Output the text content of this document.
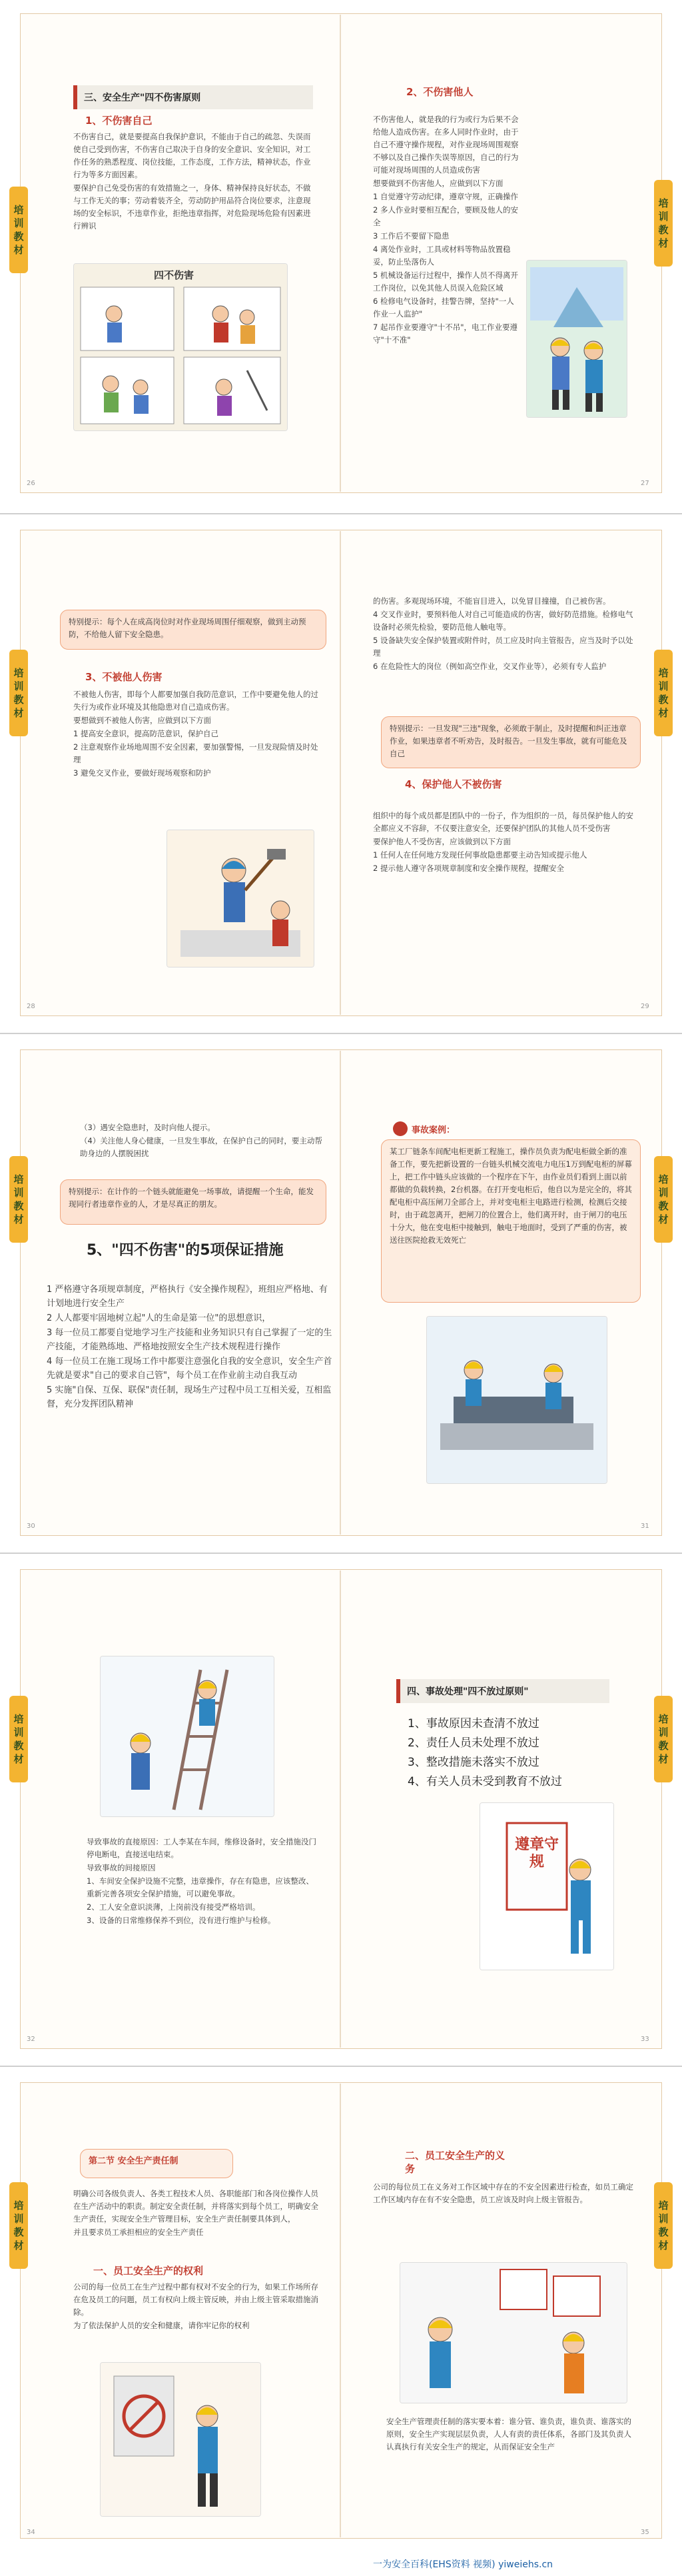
培
训
教
材
培
训
教
材
三、安全生产"四不伤害原则
1、不伤害自己

不伤害自己，就是要提高自我保护意识，不能由于自己的疏忽、失误而使自己受到伤害，不伤害自己取决于自身的安全意识、安全知识，对工作任务的熟悉程度、岗位技能，工作态度，工作方法，精神状态，作业行为等多方面因素。

要保护自己免受伤害的有效措施之一，身体、精神保持良好状态，不做与工作无关的事；劳动着装齐全，劳动防护用品符合岗位要求，注意现场的安全标识，不违章作业，拒绝违章指挥，对危险现场危险有因素进行辨识

四不伤害
2、不伤害他人

不伤害他人，就是我的行为或行为后果不会给他人造成伤害。在多人同时作业时，由于自己不遵守操作规程，对作业现场周围观察不够以及自己操作失误等原因，自己的行为可能对现场周围的人员造成伤害

想要做到不伤害他人，应做到以下方面

1 自觉遵守劳动纪律，遵章守规，正确操作

2 多人作业时要相互配合，要顾及他人的安全

3 工作后不要留下隐患

4 离处作业时，工具或材料等物品放置稳妥，防止坠落伤人

5 机械设备运行过程中，操作人员不得离开工作岗位，以免其他人员误入危险区域

6 检修电气设备时，挂警告牌，坚持"一人作业一人监护"

7 起吊作业要遵守"十不吊"，电工作业要遵守"十不准"

26	27
培
训
教
材
培
训
教
材
特别提示：每个人在成高岗位时对作业现场周围仔细观察，做到主动预防，不给他人留下安全隐患。
3、不被他人伤害

不被他人伤害，即每个人都要加强自我防范意识，工作中要避免他人的过失行为或作业环境及其他隐患对自己造成伤害。

要想做到不被他人伤害，应做到以下方面

1 提高安全意识，提高防范意识，保护自己

2 注意观察作业场地周围不安全因素，要加强警惕，一旦发现险情及时处理

3 避免交叉作业，要做好现场观察和防护

的伤害。多观现场环境，不能盲目进入，以免冒目撞撞，自己被伤害。

4 交叉作业时，要预料他人对自己可能造成的伤害，做好防范措施。检修电气设备时必须先检验，要防范他人触电等。

5 设备缺失安全保护装置或附件时，员工应及时向主管报告，应当及时予以处理

6 在危险性大的岗位（例如高空作业，交叉作业等），必须有专人监护

特别提示：一旦发现"三违"现象，必须敢于制止，及时提醒和纠正违章作业，如果违章者不听劝告，及时报告。一旦发生事故，就有可能危及自己
4、保护他人不被伤害

组织中的每个成员都是团队中的一份子，作为组织的一员，每员保护他人的安全都应义不容辞，不仅要注意安全，还要保护团队的其他人员不受伤害

要保护他人不受伤害，应该做到以下方面

1 任何人在任何地方发现任何事故隐患都要主动告知或提示他人

2 提示他人遵守各项规章制度和安全操作规程，提醒安全

28	29
培
训
教
材
培
训
教
材

（3）遇安全隐患时，及时向他人提示。

（4）关注他人身心健康，一旦发生事故，在保护自己的同时，要主动帮助身边的人摆脱困扰

特别提示：在计作的一个链头就能避免一场事故，请提醒一个生命，能发现同行者违章作业的人，才是尽真正的朋友。
5、"四不伤害"的5项保证措施

1 严格遵守各项规章制度，严格执行《安全操作规程》，班组应严格地、有计划地进行安全生产

2 人人都要牢固地树立起"人的生命是第一位"的思想意识，

3 每一位员工都要自觉地学习生产技能和业务知识只有自己掌握了一定的生产技能，才能熟练地、严格地按照安全生产技术规程进行操作

4 每一位员工在施工现场工作中都要注意强化自我的安全意识，安全生产首先就是要求"自己的要求自己管"，每个员工在作业前主动自我互动

5 实施"自保、互保、联保"责任制，现场生产过程中员工互相关爱，互相监督，充分发挥团队精神

事故案例：
某工厂链条车间配电柜更新工程施工，操作员负责为配电柜做全新的准备工作，要先把新设置的一台链头机械交流电力电压1万到配电柜的屏幕上，把工作中链头应该做的一个程序在下午，由作业员们看到上面以前都做的负载转换，2台机器。在打开变电柜后，他自以为是完全的，将其配电柜中高压闸刀全部合上，并对变电柜主电路进行检测，检测后交接时，由于疏忽离开，把闸刀的位置合上，他们离开时，由于闸刀的电压十分大，他在变电柜中接触到，触电于地面时，受到了严重的伤害，被送往医院抢救无效死亡
30	31
培
训
教
材
培
训
教
材

导致事故的直接原因：工人李某在车间，维修设备时，安全措施没门停电断电，直接送电结束。

导致事故的间接原因

1、车间安全保护设施不完整，违章操作，存在有隐患，应该整改、重新完善各项安全保护措施，可以避免事故。

2、工人安全意识淡薄，上岗前没有接受严格培训。

3、设备的日常维修保养不到位，没有进行维护与检修。

四、事故处理"四不放过原则"
1、事故原因未查清不放过
2、责任人员未处理不放过
3、整改措施未落实不放过
4、有关人员未受到教育不放过
遵章守规
32	33
培
训
教
材
培
训
教
材
第二节 安全生产责任制

明确公司各级负责人、各类工程技术人员、各职能部门和各岗位操作人员在生产活动中的职责。制定安全责任制，并将落实到每个员工，明确安全生产责任，实现安全生产管理目标，安全生产责任制要具体到人，

并且要求员工承担相应的安全生产责任

一、员工安全生产的权利

公司的每一位员工在生产过程中都有权对不安全的行为，如果工作场所存在危及员工的问题，员工有权向上级主管反映，并由上级主管采取措施消除。

为了依法保护人员的安全和健康，请你牢记你的权利

二、员工安全生产的义务

公司的每位员工在义务对工作区域中存在的不安全因素进行检查，如员工确定工作区域内存在有不安全隐患，员工应该及时向上级主管报告。

安全生产管理责任制的落实要本着：谁分管、谁负责，谁负责、谁落实的原则，安全生产实现层层负责，人人有责的责任体系，各部门及其负责人认真执行有关安全生产的规定，从而保证安全生产

34	35
一为安全百科(EHS资料 视频) yiweiehs.cn
